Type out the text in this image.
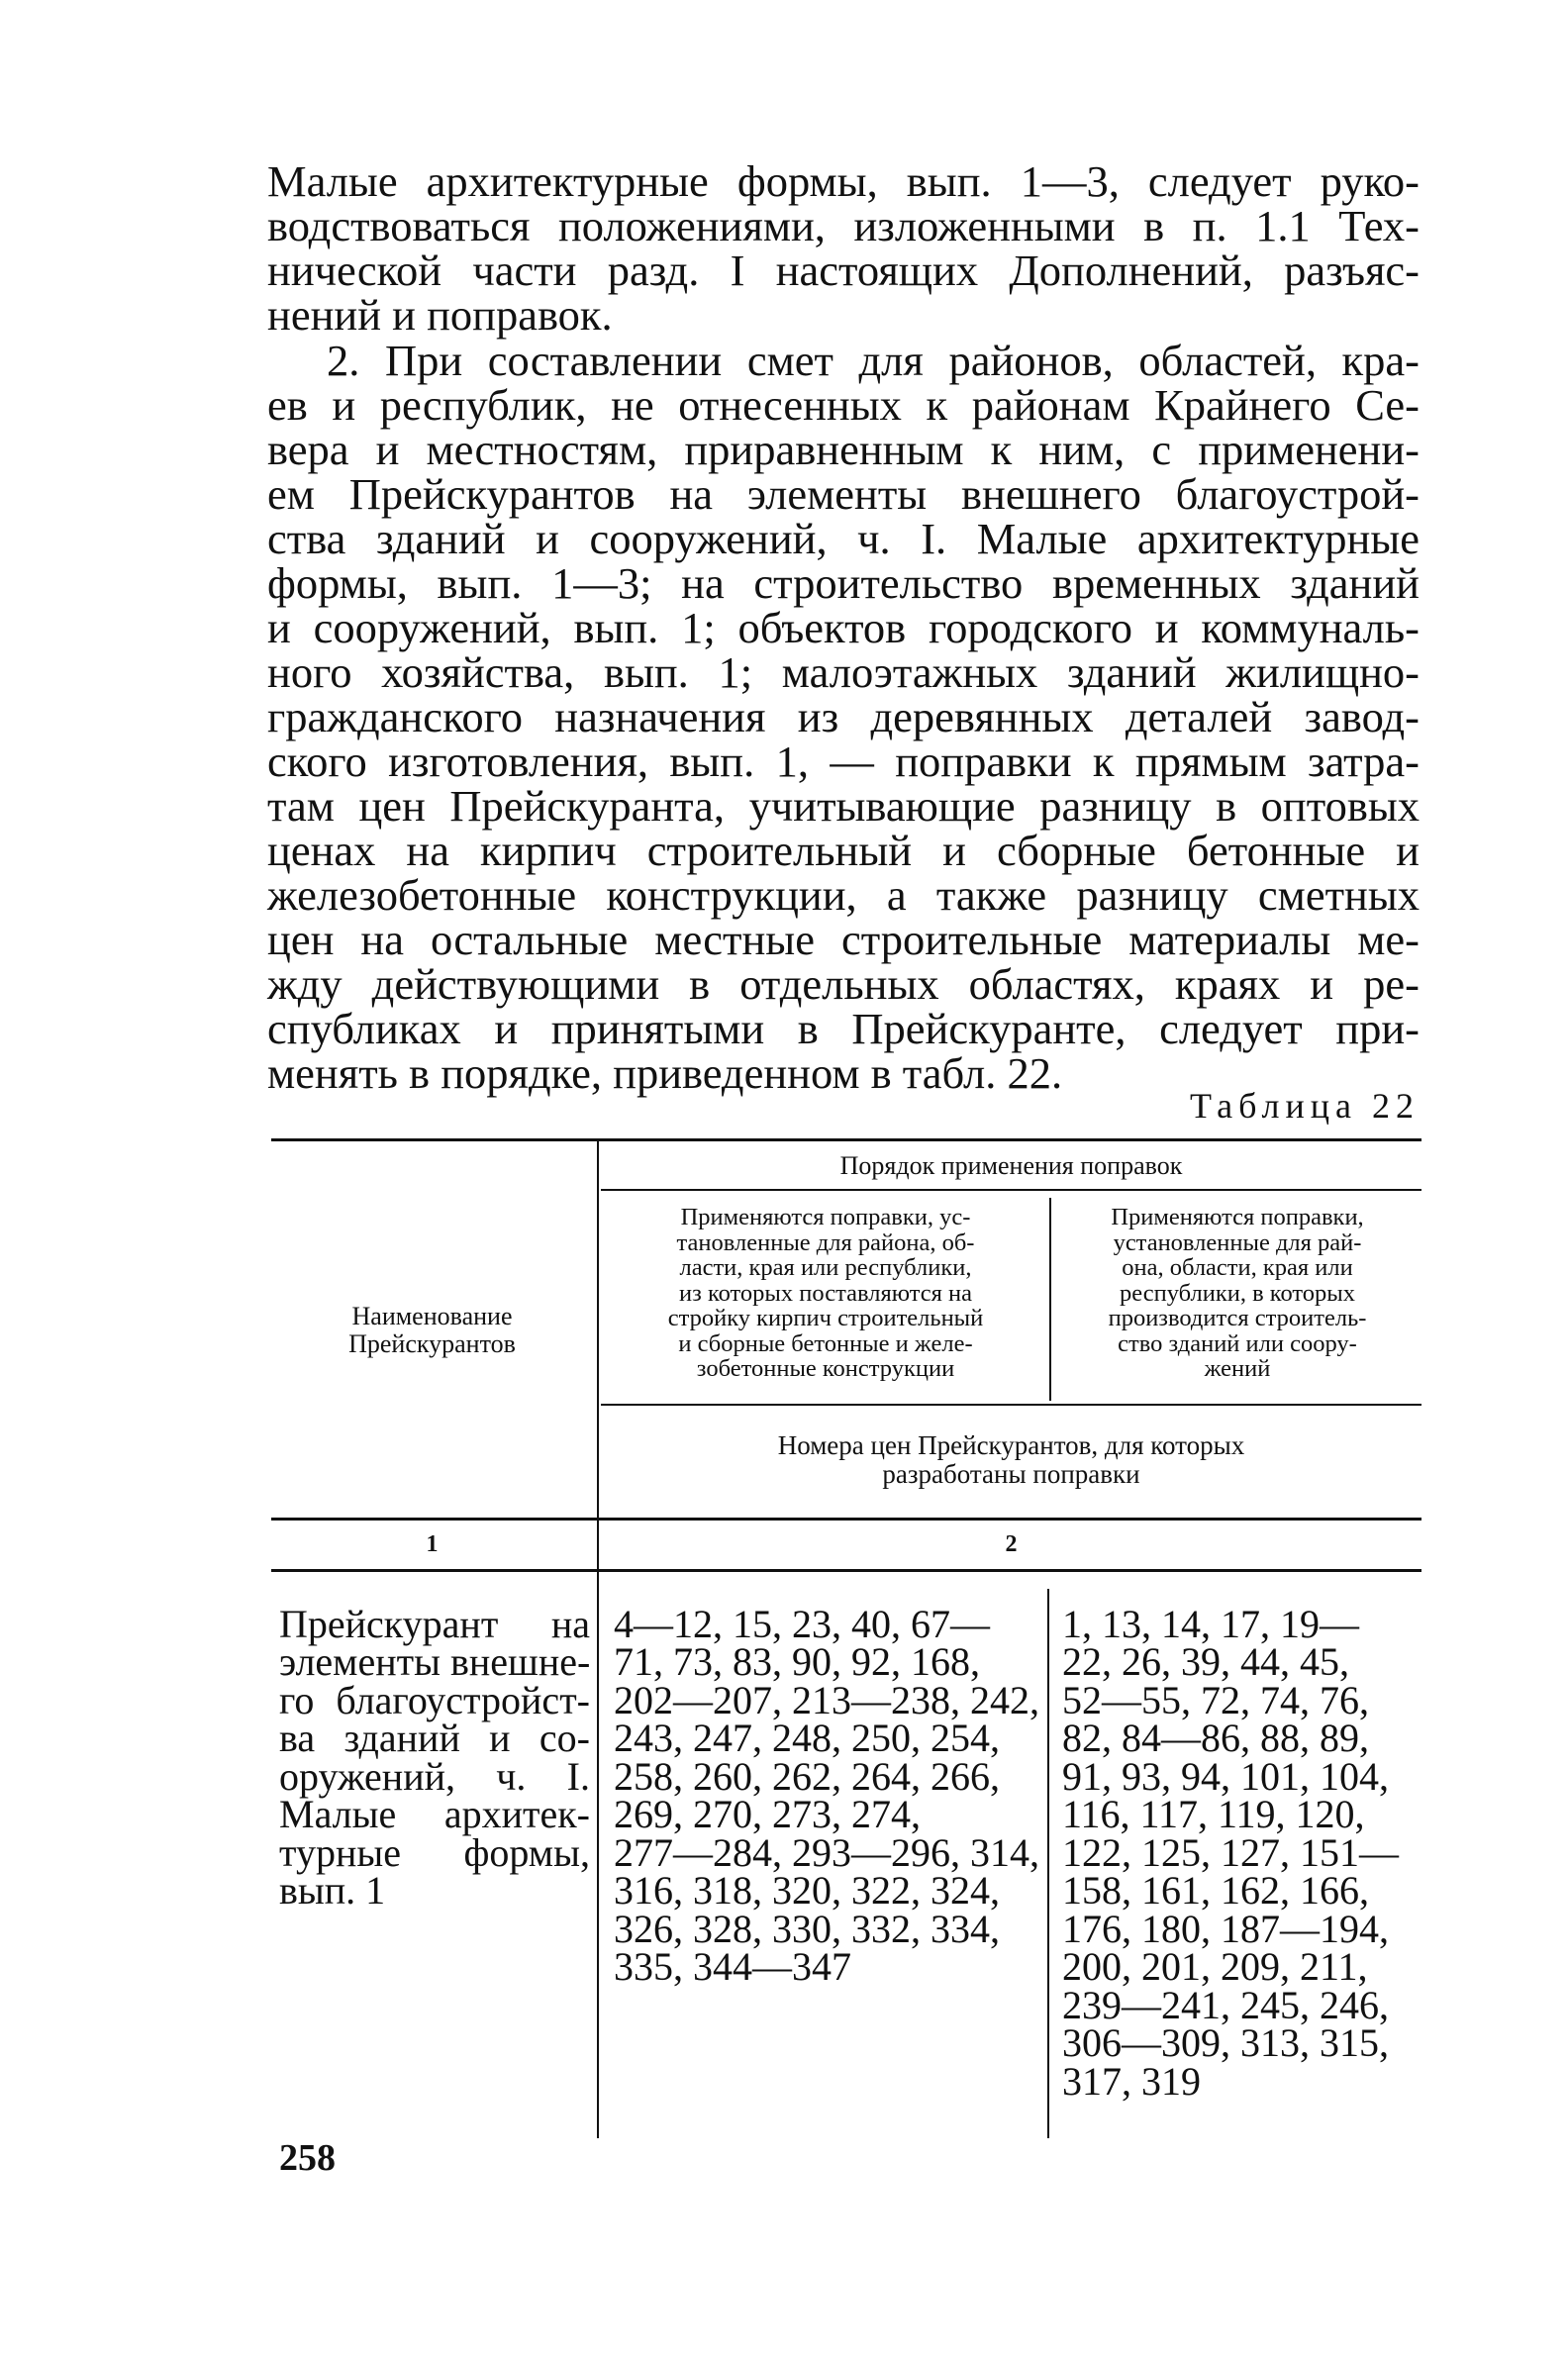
Малые архитектурные формы, вып. 1—3, следует руко-
водствоваться положениями, изложенными в п. 1.1 Тех-
нической части разд. I настоящих Дополнений, разъяс-
нений и поправок.
2. При составлении смет для районов, областей, кра-
ев и республик, не отнесенных к районам Крайнего Се-
вера и местностям, приравненным к ним, с применени-
ем Прейскурантов на элементы внешнего благоустрой-
ства зданий и сооружений, ч. I. Малые архитектурные
формы, вып. 1—3; на строительство временных зданий
и сооружений, вып. 1; объектов городского и коммуналь-
ного хозяйства, вып. 1; малоэтажных зданий жилищно-
гражданского назначения из деревянных деталей завод-
ского изготовления, вып. 1, — поправки к прямым затра-
там цен Прейскуранта, учитывающие разницу в оптовых
ценах на кирпич строительный и сборные бетонные и
железобетонные конструкции, а также разницу сметных
цен на остальные местные строительные материалы ме-
жду действующими в отдельных областях, краях и ре-
спубликах и принятыми в Прейскуранте, следует при-
менять в порядке, приведенном в табл. 22.
Таблица 22
Порядок применения поправок
Наименование
Прейскурантов
Применяются поправки, ус-
тановленные для района, об-
ласти, края или республики,
из которых поставляются на
стройку кирпич строительный
и сборные бетонные и желе-
зобетонные конструкции
Применяются поправки,
установленные для рай-
она, области, края или
республики, в которых
производится строитель-
ство зданий или соору-
жений
Номера цен Прейскурантов, для которых
разработаны поправки
1	2
Прейскурант на
элементы внешне-
го благоустройст-
ва зданий и со-
оружений, ч. I.
Малые архитек-
турные формы,
вып. 1
4—12, 15, 23, 40, 67—
71, 73, 83, 90, 92, 168,
202—207, 213—238, 242,
243, 247, 248, 250, 254,
258, 260, 262, 264, 266,
269, 270, 273, 274,
277—284, 293—296, 314,
316, 318, 320, 322, 324,
326, 328, 330, 332, 334,
335, 344—347
1, 13, 14, 17, 19—
22, 26, 39, 44, 45,
52—55, 72, 74, 76,
82, 84—86, 88, 89,
91, 93, 94, 101, 104,
116, 117, 119, 120,
122, 125, 127, 151—
158, 161, 162, 166,
176, 180, 187—194,
200, 201, 209, 211,
239—241, 245, 246,
306—309, 313, 315,
317, 319
258
